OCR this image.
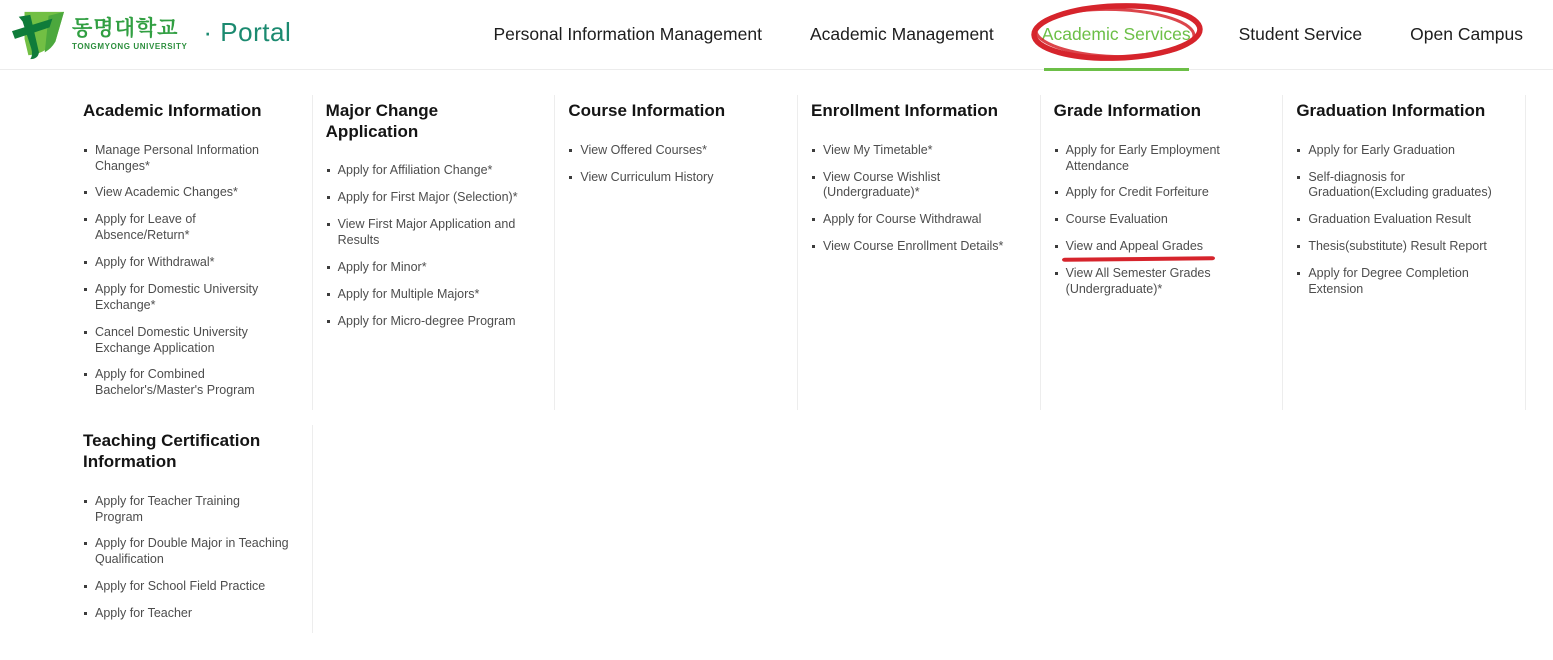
동명대학교
TONGMYONG UNIVERSITY · Portal	Personal Information Management	Academic Management	Academic Services	Student Service	Open Campus
Academic Information
Manage Personal Information Changes*
View Academic Changes*
Apply for Leave of Absence/Return*
Apply for Withdrawal*
Apply for Domestic University Exchange*
Cancel Domestic University Exchange Application
Apply for Combined Bachelor's/Master's Program
Major Change Application
Apply for Affiliation Change*
Apply for First Major (Selection)*
View First Major Application and Results
Apply for Minor*
Apply for Multiple Majors*
Apply for Micro-degree Program
Course Information
View Offered Courses*
View Curriculum History
Enrollment Information
View My Timetable*
View Course Wishlist (Undergraduate)*
Apply for Course Withdrawal
View Course Enrollment Details*
Grade Information
Apply for Early Employment Attendance
Apply for Credit Forfeiture
Course Evaluation
View and Appeal Grades
View All Semester Grades (Undergraduate)*
Graduation Information
Apply for Early Graduation
Self-diagnosis for Graduation(Excluding graduates)
Graduation Evaluation Result
Thesis(substitute) Result Report
Apply for Degree Completion Extension
Teaching Certification Information
Apply for Teacher Training Program
Apply for Double Major in Teaching Qualification
Apply for School Field Practice
Apply for Teacher
